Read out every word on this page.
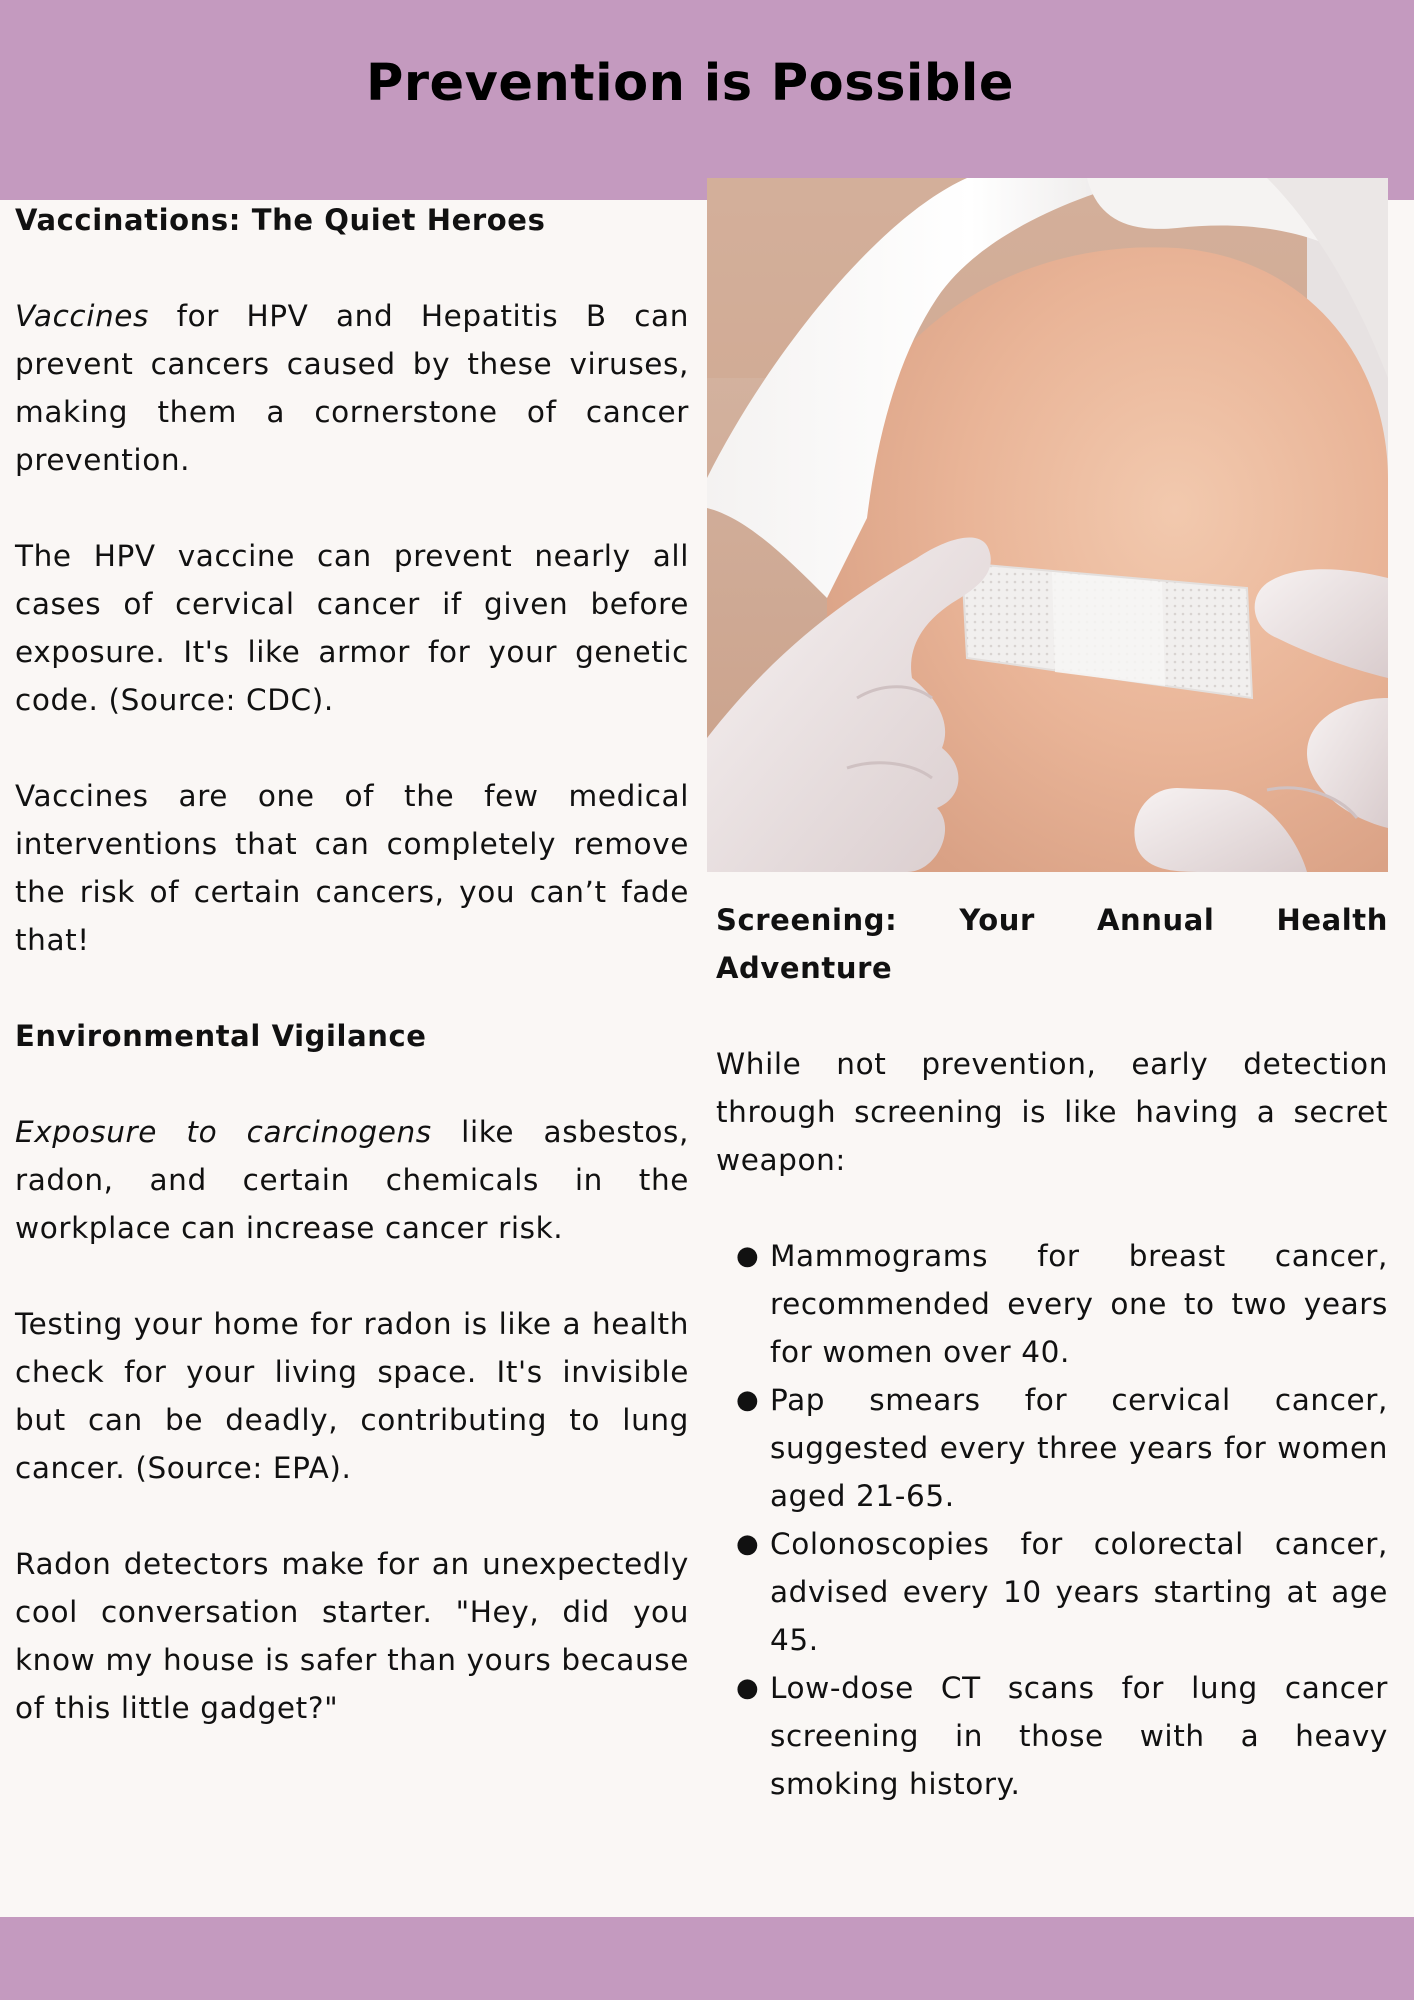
Prevention is Possible
Vaccinations: The Quiet Heroes

Vaccines for HPV and Hepatitis B can prevent cancers caused by these viruses, making them a cornerstone of cancer prevention.

The HPV vaccine can prevent nearly all cases of cervical cancer if given before exposure. It's like armor for your genetic code. (Source: CDC).

Vaccines are one of the few medical interventions that can completely remove the risk of certain cancers, you can’t fade that!

Environmental Vigilance

Exposure to carcinogens like asbestos, radon, and certain chemicals in the workplace can increase cancer risk.

Testing your home for radon is like a health check for your living space. It's invisible but can be deadly, contributing to lung cancer. (Source: EPA).

Radon detectors make for an unexpectedly cool conversation starter. "Hey, did you know my house is safer than yours because of this little gadget?"

Screening: Your Annual Health
Adventure

While not prevention, early detection through screening is like having a secret weapon:

● Mammograms for breast cancer, recommended every one to two years for women over 40.
● Pap smears for cervical cancer, suggested every three years for women aged 21-65.
● Colonoscopies for colorectal cancer, advised every 10 years starting at age 45.
● Low-dose CT scans for lung cancer screening in those with a heavy smoking history.
